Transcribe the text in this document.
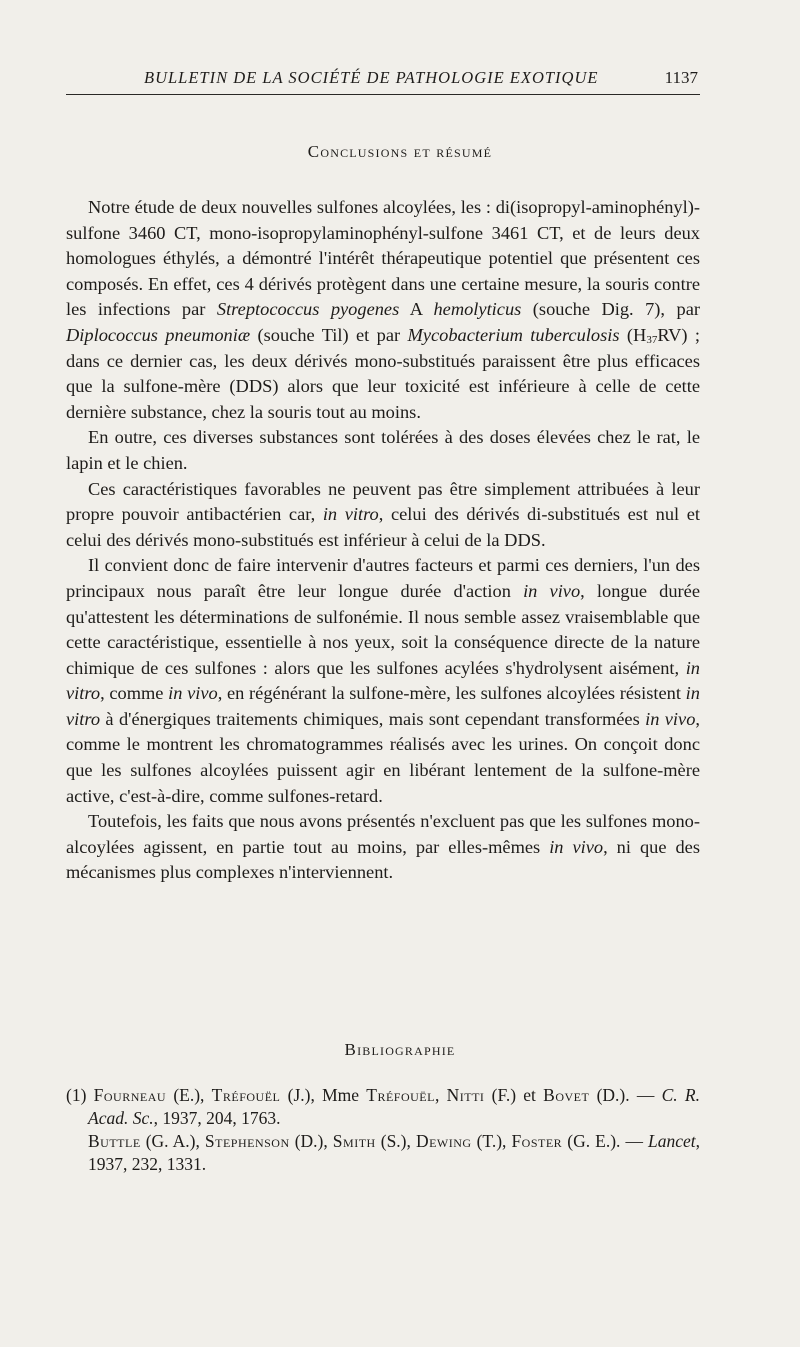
BULLETIN DE LA SOCIÉTÉ DE PATHOLOGIE EXOTIQUE	1137
Conclusions et résumé

Notre étude de deux nouvelles sulfones alcoylées, les : di(isopropyl-aminophényl)-sulfone 3460 CT, mono-isopropylaminophényl-sulfone 3461 CT, et de leurs deux homologues éthylés, a démontré l'intérêt thérapeutique potentiel que présentent ces composés. En effet, ces 4 dérivés protègent dans une certaine mesure, la souris contre les infections par Streptococcus pyogenes A hemolyticus (souche Dig. 7), par Diplococcus pneumoniæ (souche Til) et par Mycobacterium tuberculosis $(H_{37}RV)$ ; dans ce dernier cas, les deux dérivés mono-substitués paraissent être plus efficaces que la sulfone-mère (DDS) alors que leur toxicité est inférieure à celle de cette dernière substance, chez la souris tout au moins.

En outre, ces diverses substances sont tolérées à des doses élevées chez le rat, le lapin et le chien.

Ces caractéristiques favorables ne peuvent pas être simplement attribuées à leur propre pouvoir antibactérien car, in vitro, celui des dérivés di-substitués est nul et celui des dérivés mono-substitués est inférieur à celui de la DDS.

Il convient donc de faire intervenir d'autres facteurs et parmi ces derniers, l'un des principaux nous paraît être leur longue durée d'action in vivo, longue durée qu'attestent les déterminations de sulfonémie. Il nous semble assez vraisemblable que cette caractéristique, essentielle à nos yeux, soit la conséquence directe de la nature chimique de ces sulfones : alors que les sulfones acylées s'hydrolysent aisément, in vitro, comme in vivo, en régénérant la sulfone-mère, les sulfones alcoylées résistent in vitro à d'énergiques traitements chimiques, mais sont cependant transformées in vivo, comme le montrent les chromatogrammes réalisés avec les urines. On conçoit donc que les sulfones alcoylées puissent agir en libérant lentement de la sulfone-mère active, c'est-à-dire, comme sulfones-retard.

Toutefois, les faits que nous avons présentés n'excluent pas que les sulfones mono-alcoylées agissent, en partie tout au moins, par elles-mêmes in vivo, ni que des mécanismes plus complexes n'interviennent.

Bibliographie

(1) Fourneau (E.), Tréfouël (J.), Mme Tréfouël, Nitti (F.) et Bovet (D.). — C. R. Acad. Sc., 1937, 204, 1763.

Buttle (G. A.), Stephenson (D.), Smith (S.), Dewing (T.), Foster (G. E.). — Lancet, 1937, 232, 1331.
